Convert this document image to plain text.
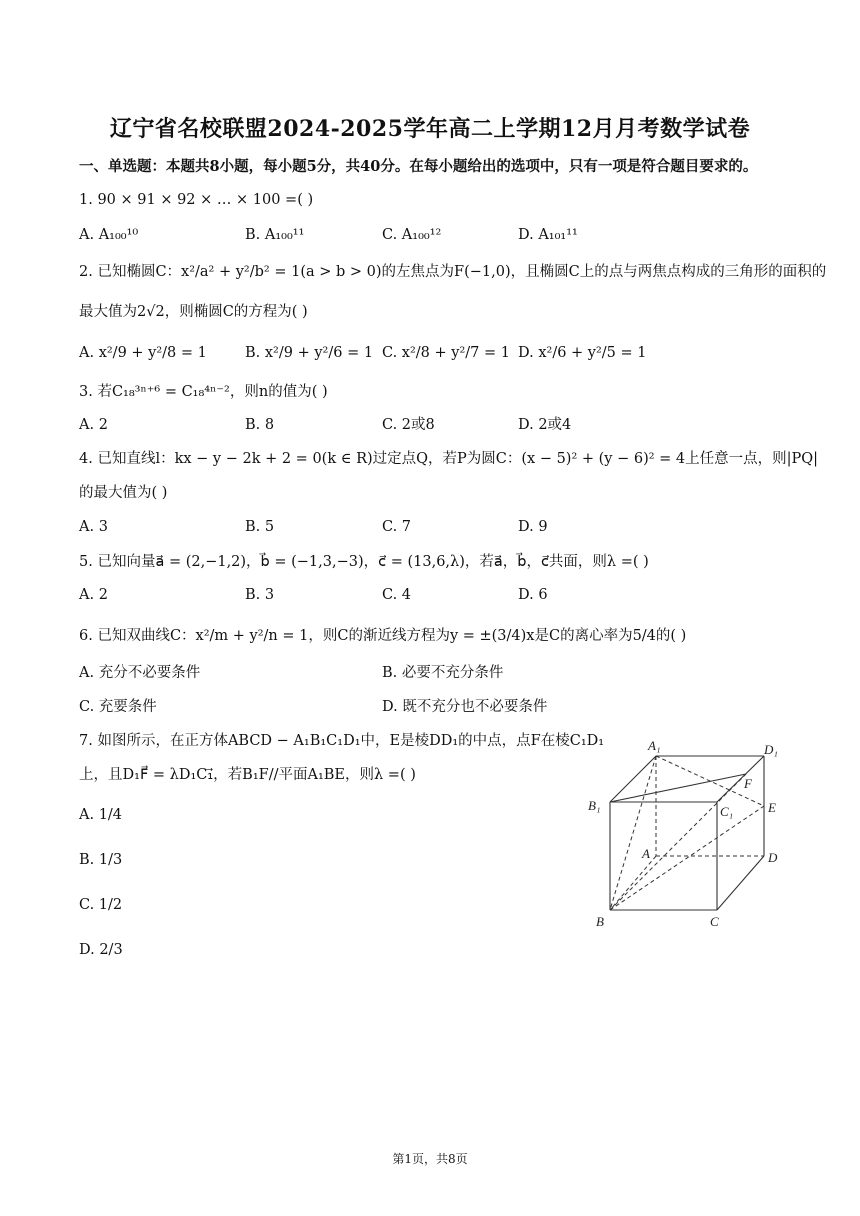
辽宁省名校联盟2024-2025学年高二上学期12月月考数学试卷
一、单选题：本题共8小题，每小题5分，共40分。在每小题给出的选项中，只有一项是符合题目要求的。
1. 90 × 91 × 92 × … × 100 =( )
A. A₁₀₀¹⁰	B. A₁₀₀¹¹	C. A₁₀₀¹²	D. A₁₀₁¹¹
2. 已知椭圆C：x²/a² + y²/b² = 1(a > b > 0)的左焦点为F(−1,0)，且椭圆C上的点与两焦点构成的三角形的面积的
最大值为2√2，则椭圆C的方程为( )
A. x²/9 + y²/8 = 1	B. x²/9 + y²/6 = 1 C. x²/8 + y²/7 = 1 D. x²/6 + y²/5 = 1
3. 若C₁₈³ⁿ⁺⁶ = C₁₈⁴ⁿ⁻²，则n的值为( )
A. 2	B. 8	C. 2或8	D. 2或4
4. 已知直线l：kx − y − 2k + 2 = 0(k ∈ R)过定点Q，若P为圆C：(x − 5)² + (y − 6)² = 4上任意一点，则|PQ|
的最大值为( )
A. 3	B. 5	C. 7	D. 9
5. 已知向量a⃗ = (2,−1,2)，b⃗ = (−1,3,−3)，c⃗ = (13,6,λ)，若a⃗，b⃗，c⃗共面，则λ =( )
A. 2	B. 3	C. 4	D. 6
6. 已知双曲线C：x²/m + y²/n = 1，则C的渐近线方程为y = ±(3/4)x是C的离心率为5/4的( )
A. 充分不必要条件	B. 必要不充分条件
C. 充要条件	D. 既不充分也不必要条件
7. 如图所示，在正方体ABCD − A₁B₁C₁D₁中，E是棱DD₁的中点，点F在棱C₁D₁
上，且D₁F⃗ = λD₁C₁⃗，若B₁F//平面A₁BE，则λ =( )
A. 1/4
B. 1/3
C. 1/2
D. 2/3
A₁	D₁
B₁	C₁
F
E
A	D
B	C
第1页，共8页
